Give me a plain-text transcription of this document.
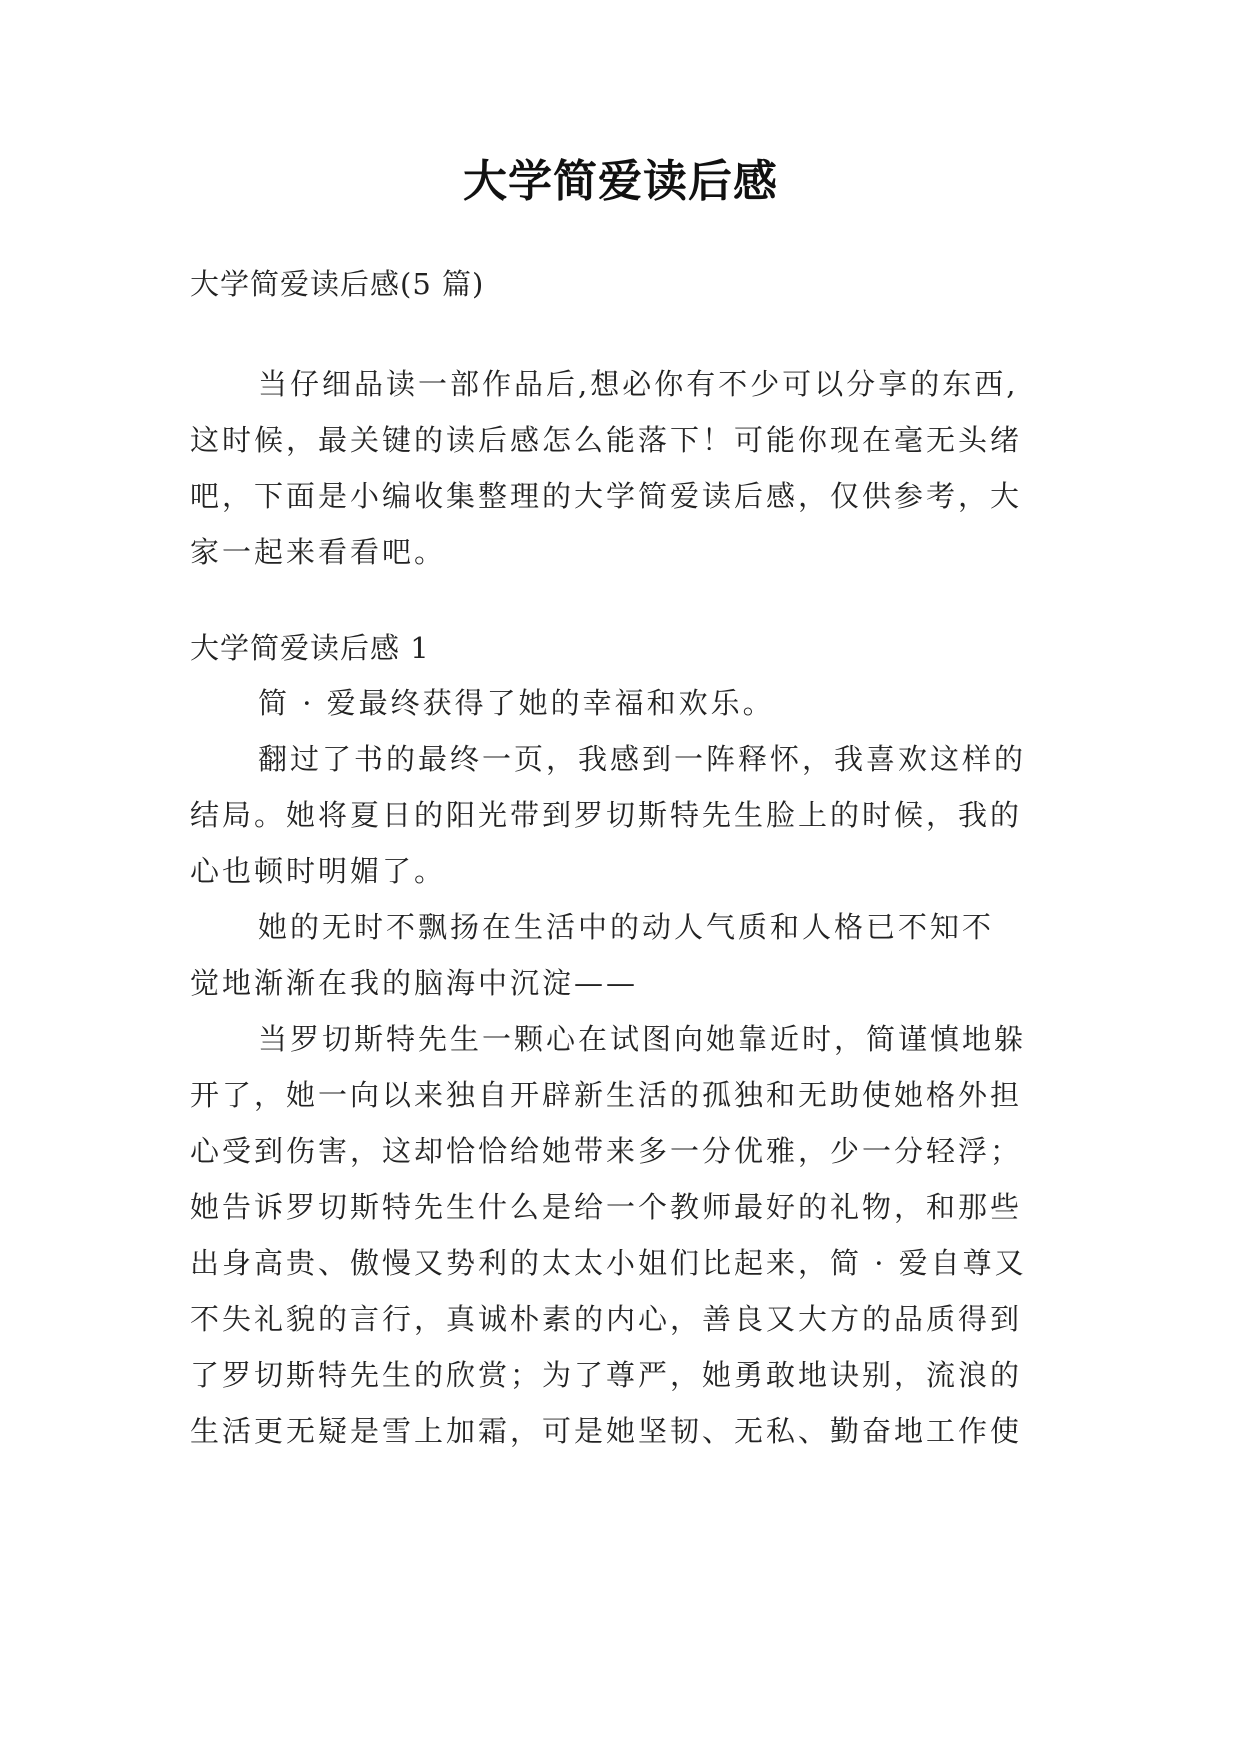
大学简爱读后感

大学简爱读后感(5 篇)

当仔细品读一部作品后,想必你有不少可以分享的东西,

这时候，最关键的读后感怎么能落下！可能你现在毫无头绪

吧，下面是小编收集整理的大学简爱读后感，仅供参考，大

家一起来看看吧。

大学简爱读后感 1

简 · 爱最终获得了她的幸福和欢乐。

翻过了书的最终一页，我感到一阵释怀，我喜欢这样的

结局。她将夏日的阳光带到罗切斯特先生脸上的时候，我的

心也顿时明媚了。

她的无时不飘扬在生活中的动人气质和人格已不知不

觉地渐渐在我的脑海中沉淀——

当罗切斯特先生一颗心在试图向她靠近时，简谨慎地躲

开了，她一向以来独自开辟新生活的孤独和无助使她格外担

心受到伤害，这却恰恰给她带来多一分优雅，少一分轻浮；

她告诉罗切斯特先生什么是给一个教师最好的礼物，和那些

出身高贵、傲慢又势利的太太小姐们比起来，简 · 爱自尊又

不失礼貌的言行，真诚朴素的内心，善良又大方的品质得到

了罗切斯特先生的欣赏；为了尊严，她勇敢地诀别，流浪的

生活更无疑是雪上加霜，可是她坚韧、无私、勤奋地工作使
